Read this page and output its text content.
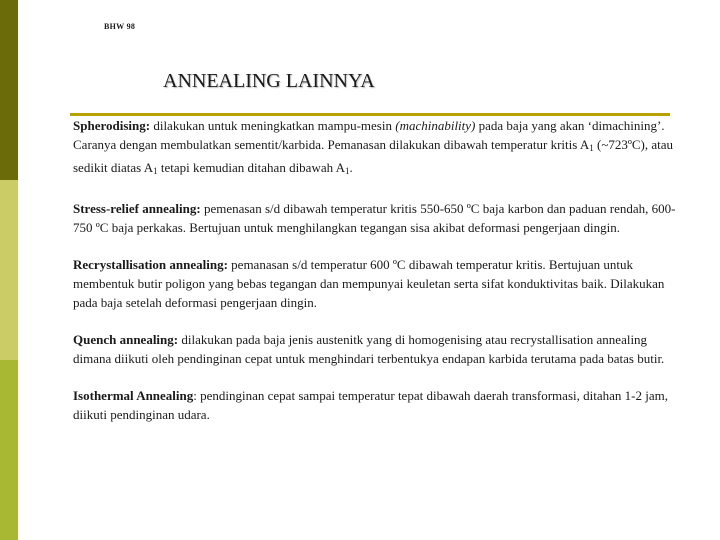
BHW 98
ANNEALING LAINNYA

Spherodising: dilakukan untuk meningkatkan mampu-mesin (machinability) pada baja yang akan ‘dimachining’. Caranya dengan membulatkan sementit/karbida. Pemanasan dilakukan dibawah temperatur kritis $A_1$ (~723ºC), atau sedikit diatas $A_1$ tetapi kemudian ditahan dibawah $A_1$.

Stress-relief annealing: pemenasan s/d dibawah temperatur kritis 550-650 ºC baja karbon dan paduan rendah, 600-750 ºC baja perkakas. Bertujuan untuk menghilangkan tegangan sisa akibat deformasi pengerjaan dingin.

Recrystallisation annealing: pemanasan s/d temperatur 600 ºC dibawah temperatur kritis. Bertujuan untuk membentuk butir poligon yang bebas tegangan dan mempunyai keuletan serta sifat konduktivitas baik. Dilakukan pada baja setelah deformasi pengerjaan dingin.

Quench annealing: dilakukan pada baja jenis austenitk yang di homogenising atau recrystallisation annealing dimana diikuti oleh pendinginan cepat untuk menghindari terbentukya endapan karbida terutama pada batas butir.

Isothermal Annealing: pendinginan cepat sampai temperatur tepat dibawah daerah transformasi, ditahan 1-2 jam, diikuti pendinginan udara.
